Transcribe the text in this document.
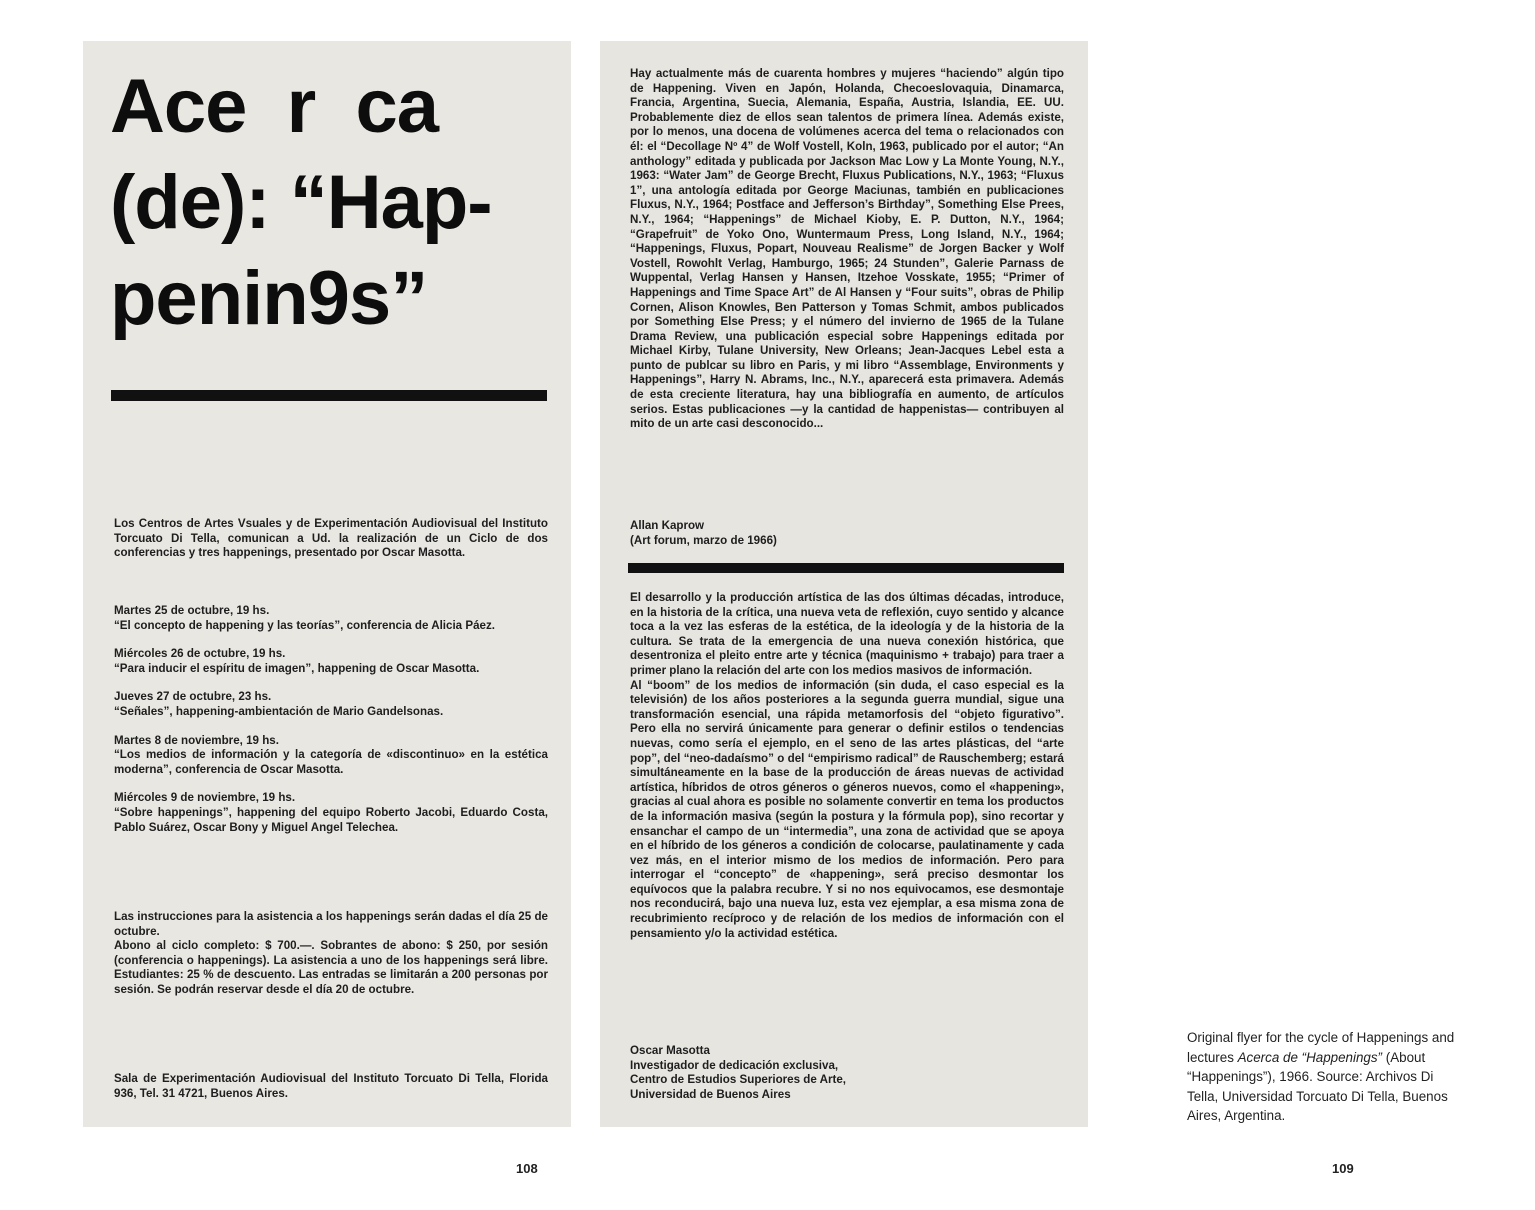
Ace  r  ca
(de): “Hap-
penin9s”

Los Centros de Artes Vsuales y de Experimentación Audiovisual del Instituto Torcuato Di Tella, comunican a Ud. la realización de un Ciclo de dos conferencias y tres happenings, presentado por Oscar Masotta.

Martes 25 de octubre, 19 hs.

“El concepto de happening y las teorías”, conferencia de Alicia Páez.

Miércoles 26 de octubre, 19 hs.

“Para inducir el espíritu de imagen”, happening de Oscar Masotta.

Jueves 27 de octubre, 23 hs.

“Señales”, happening-ambientación de Mario Gandelsonas.

Martes 8 de noviembre, 19 hs.

“Los medios de información y la categoría de «discontinuo» en la estética moderna”, conferencia de Oscar Masotta.

Miércoles 9 de noviembre, 19 hs.

“Sobre happenings”, happening del equipo Roberto Jacobi, Eduardo Costa, Pablo Suárez, Oscar Bony y Miguel Angel Telechea.

Las instrucciones para la asistencia a los happenings serán dadas el día 25 de octubre.

Abono al ciclo completo: $ 700.—. Sobrantes de abono: $ 250, por sesión (conferencia o happenings). La asistencia a uno de los happenings será libre. Estudiantes: 25 % de descuento. Las entradas se limitarán a 200 personas por sesión. Se podrán reservar desde el día 20 de octubre.

Sala de Experimentación Audiovisual del Instituto Torcuato Di Tella, Florida 936, Tel. 31 4721, Buenos Aires.

Hay actualmente más de cuarenta hombres y mujeres “haciendo” algún tipo de Happening. Viven en Japón, Holanda, Checoeslovaquia, Dinamarca, Francia, Argentina, Suecia, Alemania, España, Austria, Islandia, EE. UU. Probablemente diez de ellos sean talentos de primera línea. Además existe, por lo menos, una docena de volúmenes acerca del tema o relacionados con él: el “Decollage Nº 4” de Wolf Vostell, Koln, 1963, publicado por el autor; “An anthology” editada y publicada por Jackson Mac Low y La Monte Young, N.Y., 1963: “Water Jam” de George Brecht, Fluxus Publications, N.Y., 1963; “Fluxus 1”, una antología editada por George Maciunas, también en publicaciones Fluxus, N.Y., 1964; Postface and Jefferson’s Birthday”, Something Else Prees, N.Y., 1964; “Happenings” de Michael Kioby, E. P. Dutton, N.Y., 1964; “Grapefruit” de Yoko Ono, Wuntermaum Press, Long Island, N.Y., 1964; “Happenings, Fluxus, Popart, Nouveau Realisme” de Jorgen Backer y Wolf Vostell, Rowohlt Verlag, Hamburgo, 1965; 24 Stunden”, Galerie Parnass de Wuppental, Verlag Hansen y Hansen, Itzehoe Vosskate, 1955; “Primer of Happenings and Time Space Art” de Al Hansen y “Four suits”, obras de Philip Cornen, Alison Knowles, Ben Patterson y Tomas Schmit, ambos publicados por Something Else Press; y el número del invierno de 1965 de la Tulane Drama Review, una publicación especial sobre Happenings editada por Michael Kirby, Tulane University, New Orleans; Jean-Jacques Lebel esta a punto de publcar su libro en Paris, y mi libro “Assemblage, Environments y Happenings”, Harry N. Abrams, Inc., N.Y., aparecerá esta primavera. Además de esta creciente literatura, hay una bibliografía en aumento, de artículos serios. Estas publicaciones —y la cantidad de happenistas— contribuyen al mito de un arte casi desconocido...

Allan Kaprow

(Art forum, marzo de 1966)

El desarrollo y la producción artística de las dos últimas décadas, introduce, en la historia de la crítica, una nueva veta de reflexión, cuyo sentido y alcance toca a la vez las esferas de la estética, de la ideología y de la historia de la cultura. Se trata de la emergencia de una nueva conexión histórica, que desentroniza el pleito entre arte y técnica (maquinismo + trabajo) para traer a primer plano la relación del arte con los medios masivos de información.

Al “boom” de los medios de información (sin duda, el caso especial es la televisión) de los años posteriores a la segunda guerra mundial, sigue una transformación esencial, una rápida metamorfosis del “objeto figurativo”. Pero ella no servirá únicamente para generar o definir estilos o tendencias nuevas, como sería el ejemplo, en el seno de las artes plásticas, del “arte pop”, del “neo-dadaísmo” o del “empirismo radical” de Rauschemberg; estará simultáneamente en la base de la producción de áreas nuevas de actividad artística, híbridos de otros géneros o géneros nuevos, como el «happening», gracias al cual ahora es posible no solamente convertir en tema los productos de la información masiva (según la postura y la fórmula pop), sino recortar y ensanchar el campo de un “intermedia”, una zona de actividad que se apoya en el híbrido de los géneros a condición de colocarse, paulatinamente y cada vez más, en el interior mismo de los medios de información. Pero para interrogar el “concepto” de «happening», será preciso desmontar los equívocos que la palabra recubre. Y si no nos equivocamos, ese desmontaje nos reconducirá, bajo una nueva luz, esta vez ejemplar, a esa misma zona de recubrimiento recíproco y de relación de los medios de información con el pensamiento y/o la actividad estética.

Oscar Masotta

Investigador de dedicación exclusiva,

Centro de Estudios Superiores de Arte,

Universidad de Buenos Aires

Original flyer for the cycle of Happenings and lectures Acerca de “Happenings” (About “Happenings”), 1966. Source: Archivos Di Tella, Universidad Torcuato Di Tella, Buenos Aires, Argentina.

108	109
